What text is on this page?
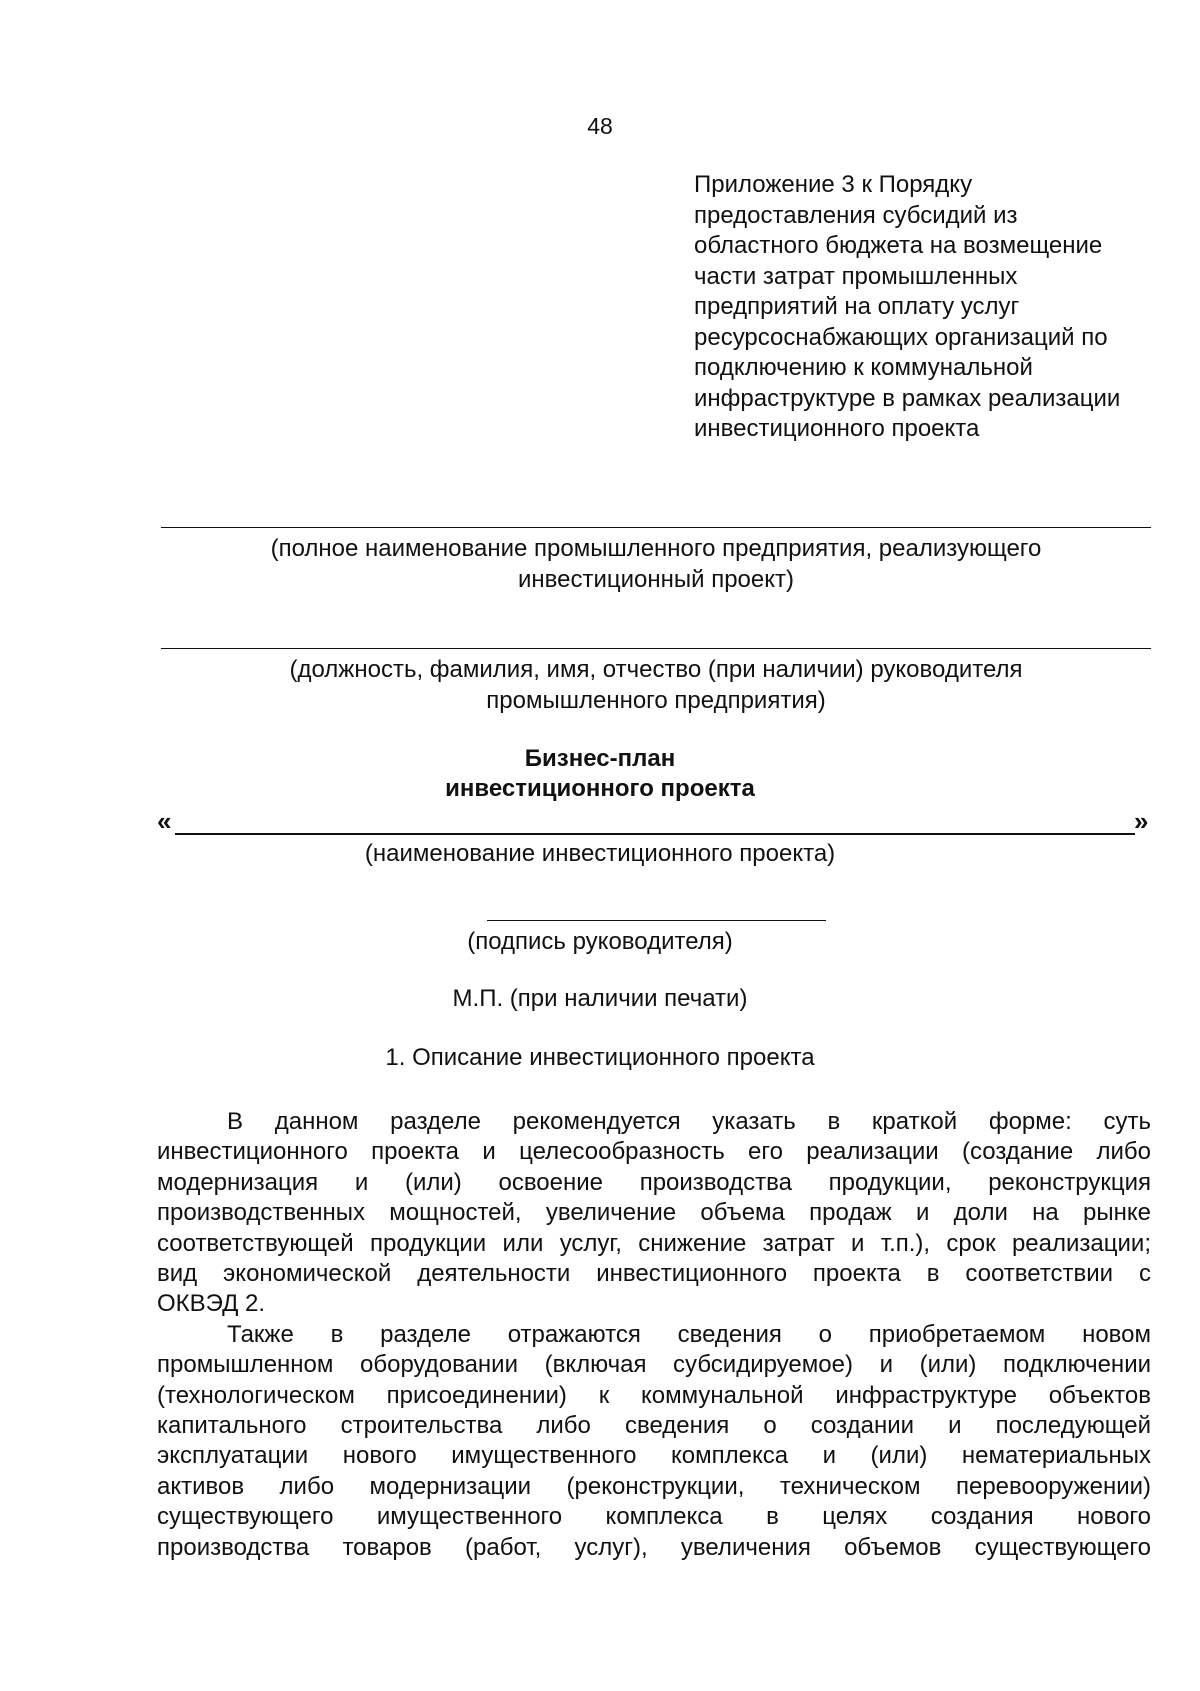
48
Приложение 3 к Порядку
предоставления субсидий из
областного бюджета на возмещение
части затрат промышленных
предприятий на оплату услуг
ресурсоснабжающих организаций по
подключению к коммунальной
инфраструктуре в рамках реализации
инвестиционного проекта
(полное наименование промышленного предприятия, реализующего
инвестиционный проект)
(должность, фамилия, имя, отчество (при наличии) руководителя
промышленного предприятия)
Бизнес-план
инвестиционного проекта
«	»
(наименование инвестиционного проекта)
(подпись руководителя)
М.П. (при наличии печати)
1. Описание инвестиционного проекта
В данном разделе рекомендуется указать в краткой форме: суть
инвестиционного проекта и целесообразность его реализации (создание либо
модернизация и (или) освоение производства продукции, реконструкция
производственных мощностей, увеличение объема продаж и доли на рынке
соответствующей продукции или услуг, снижение затрат и т.п.), срок реализации;
вид экономической деятельности инвестиционного проекта в соответствии с
ОКВЭД 2.
Также в разделе отражаются сведения о приобретаемом новом
промышленном оборудовании (включая субсидируемое) и (или) подключении
(технологическом присоединении) к коммунальной инфраструктуре объектов
капитального строительства либо сведения о создании и последующей
эксплуатации нового имущественного комплекса и (или) нематериальных
активов либо модернизации (реконструкции, техническом перевооружении)
существующего имущественного комплекса в целях создания нового
производства товаров (работ, услуг), увеличения объемов существующего
